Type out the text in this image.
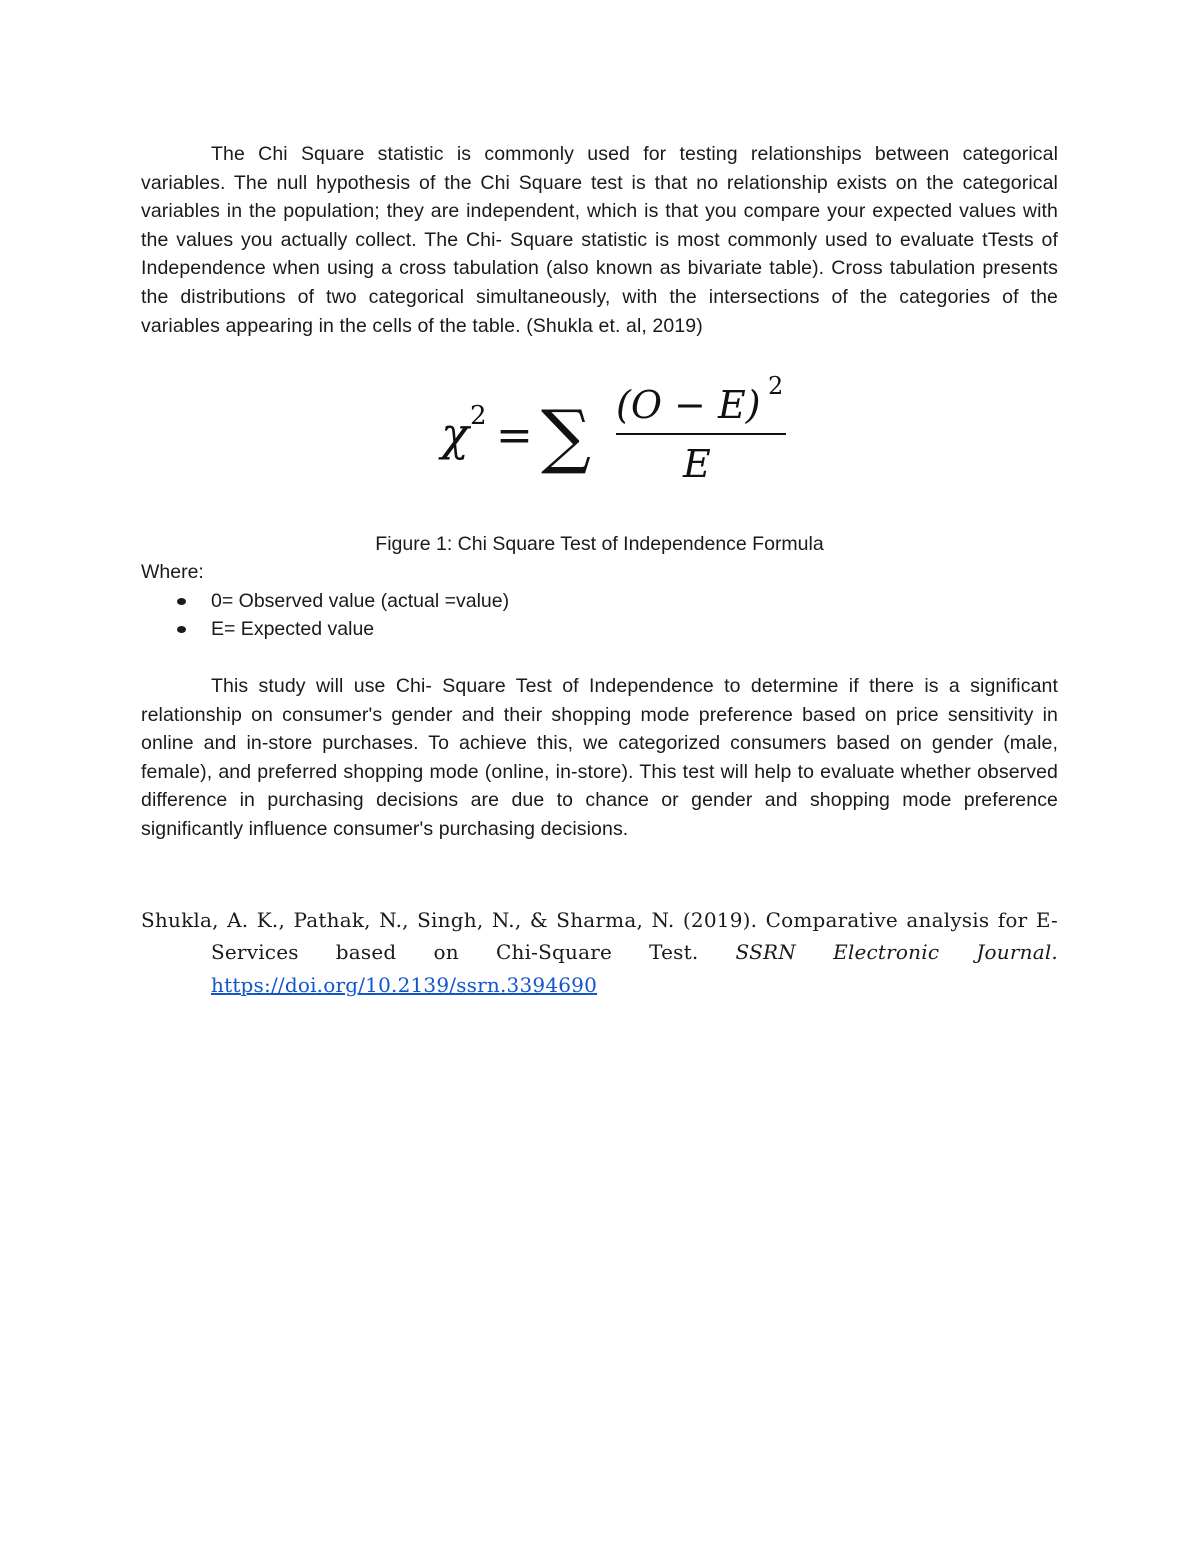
The Chi Square statistic is commonly used for testing relationships between categorical variables. The null hypothesis of the Chi Square test is that no relationship exists on the categorical variables in the population; they are independent, which is that you compare your expected values with the values you actually collect. The Chi- Square statistic is most commonly used to evaluate tTests of Independence when using a cross tabulation (also known as bivariate table). Cross tabulation presents the distributions of two categorical simultaneously, with the intersections of the categories of the variables appearing in the cells of the table. (Shukla et. al, 2019)

χ 2 = ∑ (O − E) 2
E

Figure 1: Chi Square Test of Independence Formula

Where:

0= Observed value (actual =value)
E= Expected value

This study will use Chi- Square Test of Independence to determine if there is a significant relationship on consumer's gender and their shopping mode preference based on price sensitivity in online and in-store purchases. To achieve this, we categorized consumers based on gender (male, female), and preferred shopping mode (online, in-store). This test will help to evaluate whether observed difference in purchasing decisions are due to chance or gender and shopping mode preference significantly influence consumer's purchasing decisions.

Shukla, A. K., Pathak, N., Singh, N., & Sharma, N. (2019). Comparative analysis for E-Services based on Chi-Square Test. SSRN Electronic Journal. https://doi.org/10.2139/ssrn.3394690
